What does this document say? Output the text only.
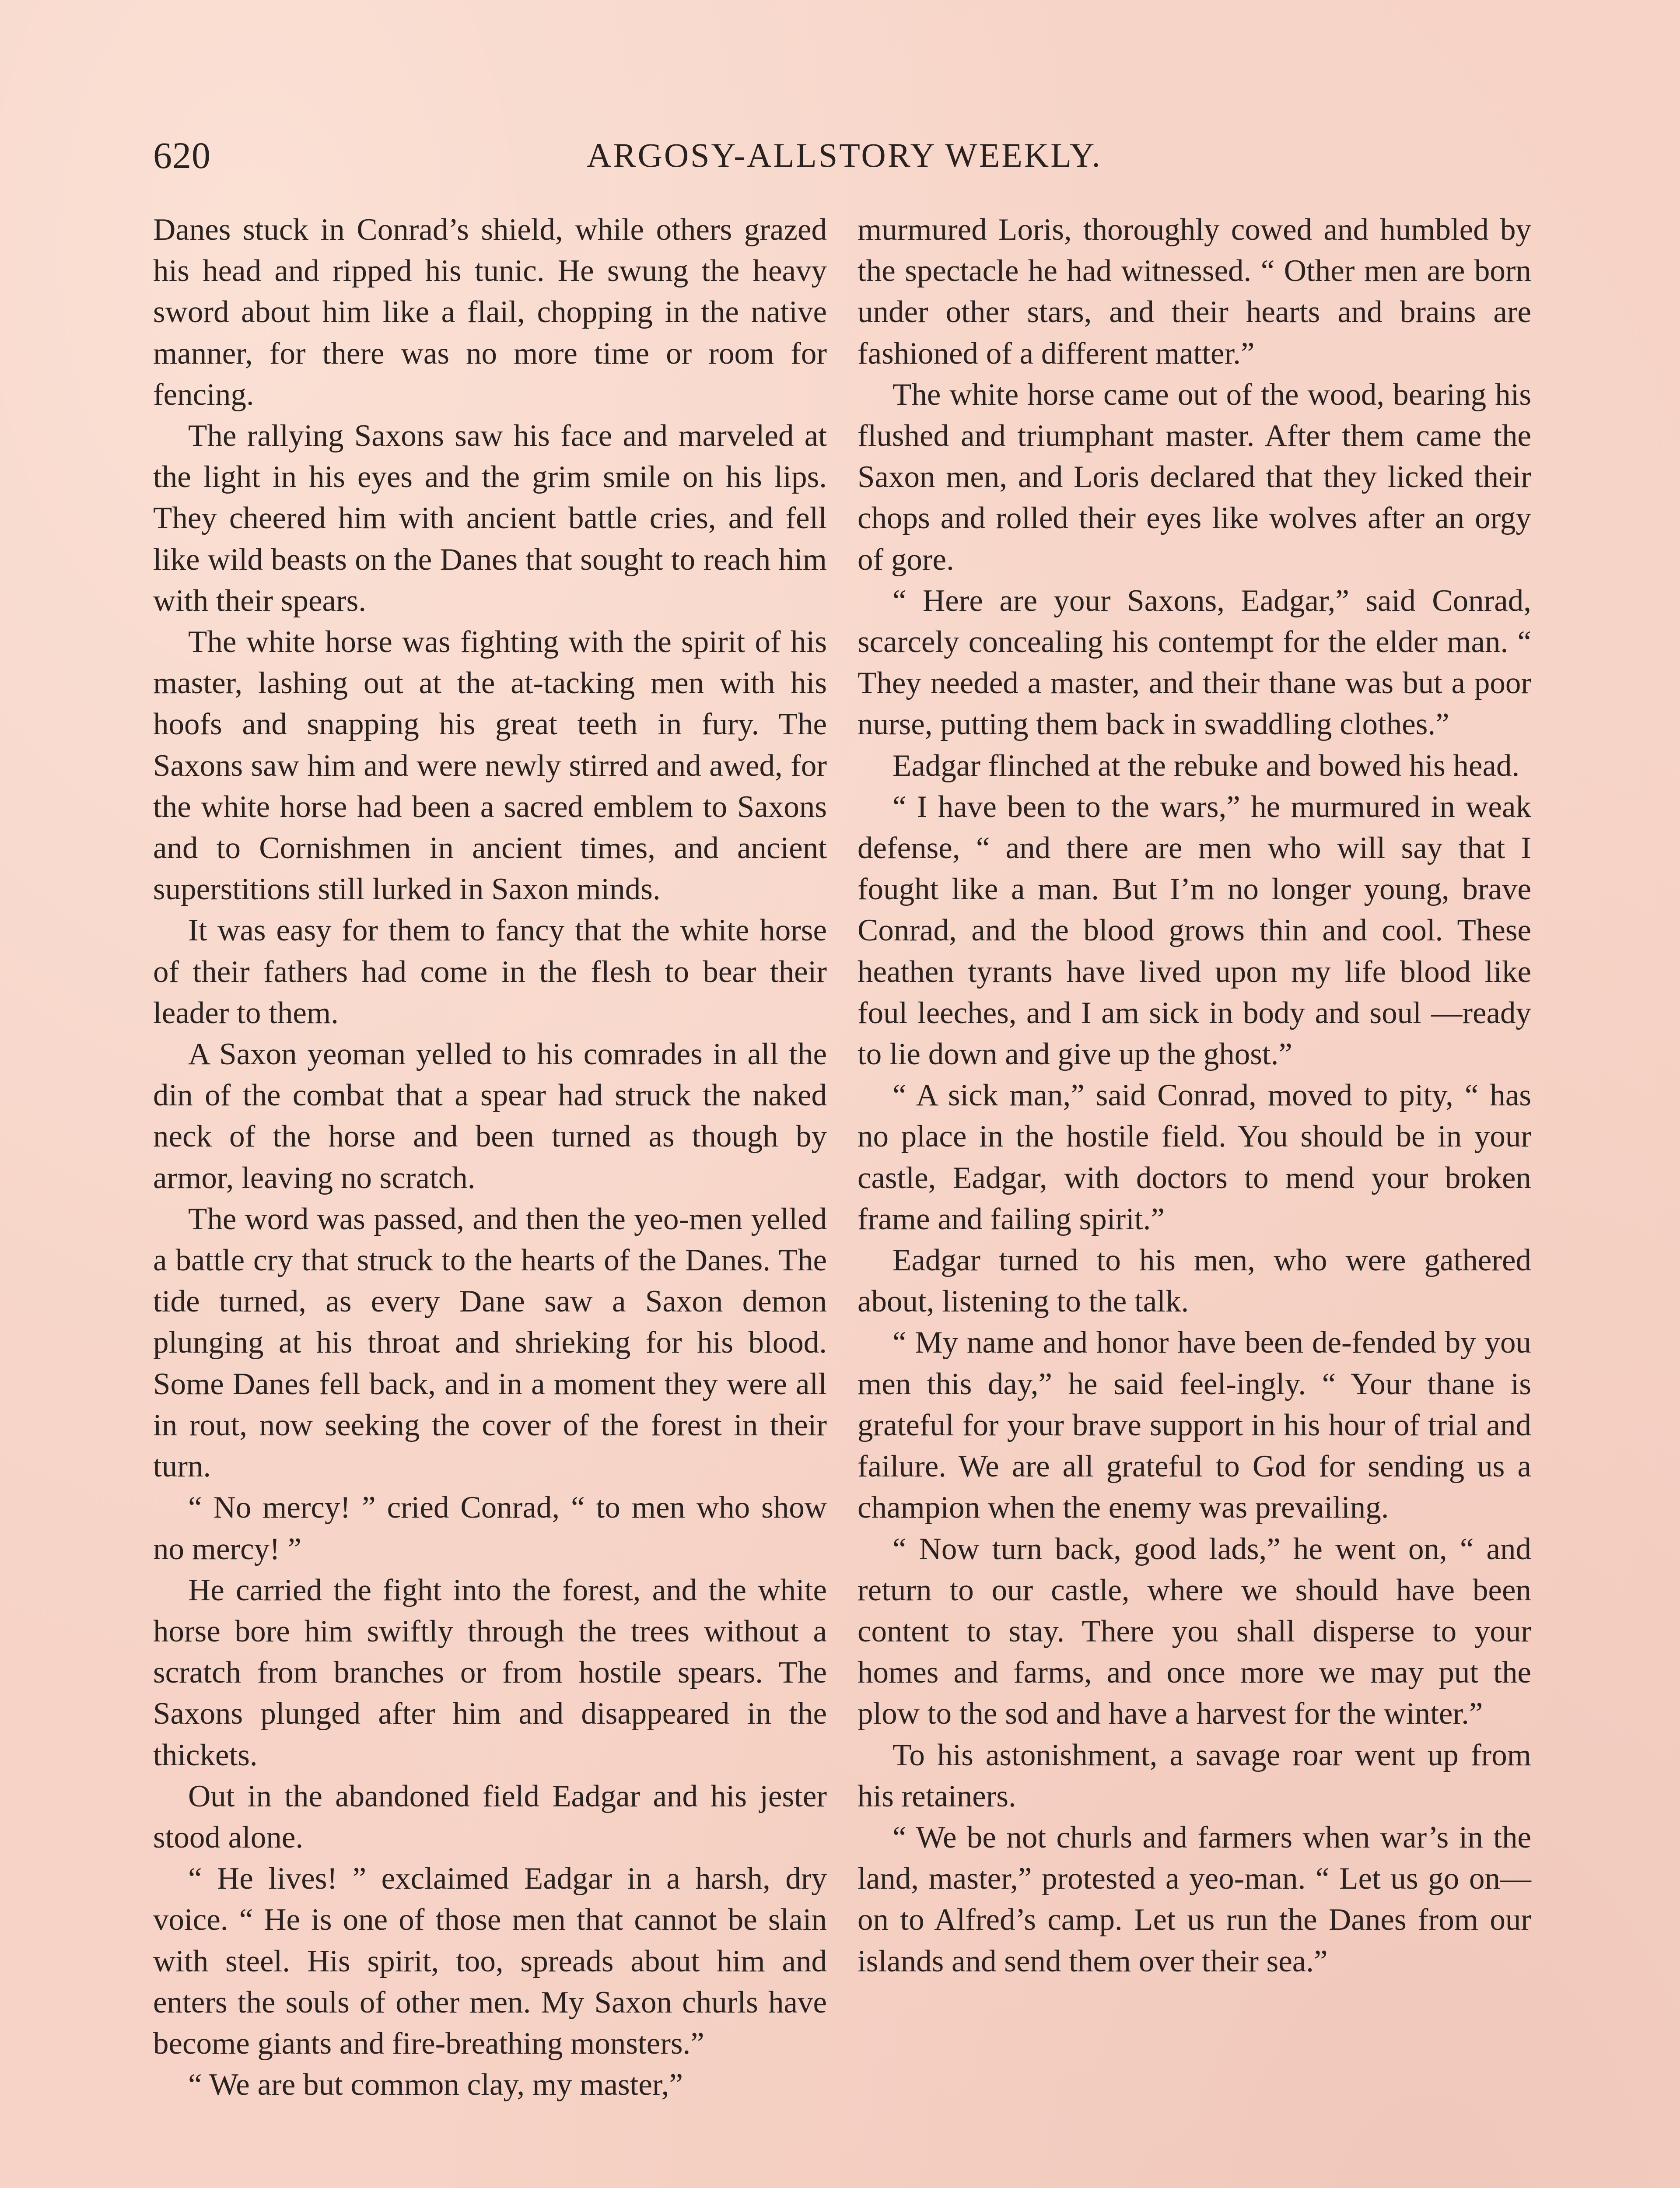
620	ARGOSY-ALLSTORY WEEKLY.

Danes stuck in Conrad’s shield, while others grazed his head and ripped his tunic. He swung the heavy sword about him like a flail, chopping in the native manner, for there was no more time or room for fencing.

The rallying Saxons saw his face and marveled at the light in his eyes and the grim smile on his lips. They cheered him with ancient battle cries, and fell like wild beasts on the Danes that sought to reach him with their spears.

The white horse was fighting with the spirit of his master, lashing out at the at-tacking men with his hoofs and snapping his great teeth in fury. The Saxons saw him and were newly stirred and awed, for the white horse had been a sacred emblem to Saxons and to Cornishmen in ancient times, and ancient superstitions still lurked in Saxon minds.

It was easy for them to fancy that the white horse of their fathers had come in the flesh to bear their leader to them.

A Saxon yeoman yelled to his comrades in all the din of the combat that a spear had struck the naked neck of the horse and been turned as though by armor, leaving no scratch.

The word was passed, and then the yeo-men yelled a battle cry that struck to the hearts of the Danes. The tide turned, as every Dane saw a Saxon demon plunging at his throat and shrieking for his blood. Some Danes fell back, and in a moment they were all in rout, now seeking the cover of the forest in their turn.

“ No mercy! ” cried Conrad, “ to men who show no mercy! ”

He carried the fight into the forest, and the white horse bore him swiftly through the trees without a scratch from branches or from hostile spears. The Saxons plunged after him and disappeared in the thickets.

Out in the abandoned field Eadgar and his jester stood alone.

“ He lives! ” exclaimed Eadgar in a harsh, dry voice. “ He is one of those men that cannot be slain with steel. His spirit, too, spreads about him and enters the souls of other men. My Saxon churls have become giants and fire-breathing monsters.”

“ We are but common clay, my master,”

murmured Loris, thoroughly cowed and humbled by the spectacle he had witnessed. “ Other men are born under other stars, and their hearts and brains are fashioned of a different matter.”

The white horse came out of the wood, bearing his flushed and triumphant master. After them came the Saxon men, and Loris declared that they licked their chops and rolled their eyes like wolves after an orgy of gore.

“ Here are your Saxons, Eadgar,” said Conrad, scarcely concealing his contempt for the elder man. “ They needed a master, and their thane was but a poor nurse, putting them back in swaddling clothes.”

Eadgar flinched at the rebuke and bowed his head.

“ I have been to the wars,” he murmured in weak defense, “ and there are men who will say that I fought like a man. But I’m no longer young, brave Conrad, and the blood grows thin and cool. These heathen tyrants have lived upon my life blood like foul leeches, and I am sick in body and soul —ready to lie down and give up the ghost.”

“ A sick man,” said Conrad, moved to pity, “ has no place in the hostile field. You should be in your castle, Eadgar, with doctors to mend your broken frame and failing spirit.”

Eadgar turned to his men, who were gathered about, listening to the talk.

“ My name and honor have been de-fended by you men this day,” he said feel-ingly. “ Your thane is grateful for your brave support in his hour of trial and failure. We are all grateful to God for sending us a champion when the enemy was prevailing.

“ Now turn back, good lads,” he went on, “ and return to our castle, where we should have been content to stay. There you shall disperse to your homes and farms, and once more we may put the plow to the sod and have a harvest for the winter.”

To his astonishment, a savage roar went up from his retainers.

“ We be not churls and farmers when war’s in the land, master,” protested a yeo-man. “ Let us go on—on to Alfred’s camp. Let us run the Danes from our islands and send them over their sea.”
